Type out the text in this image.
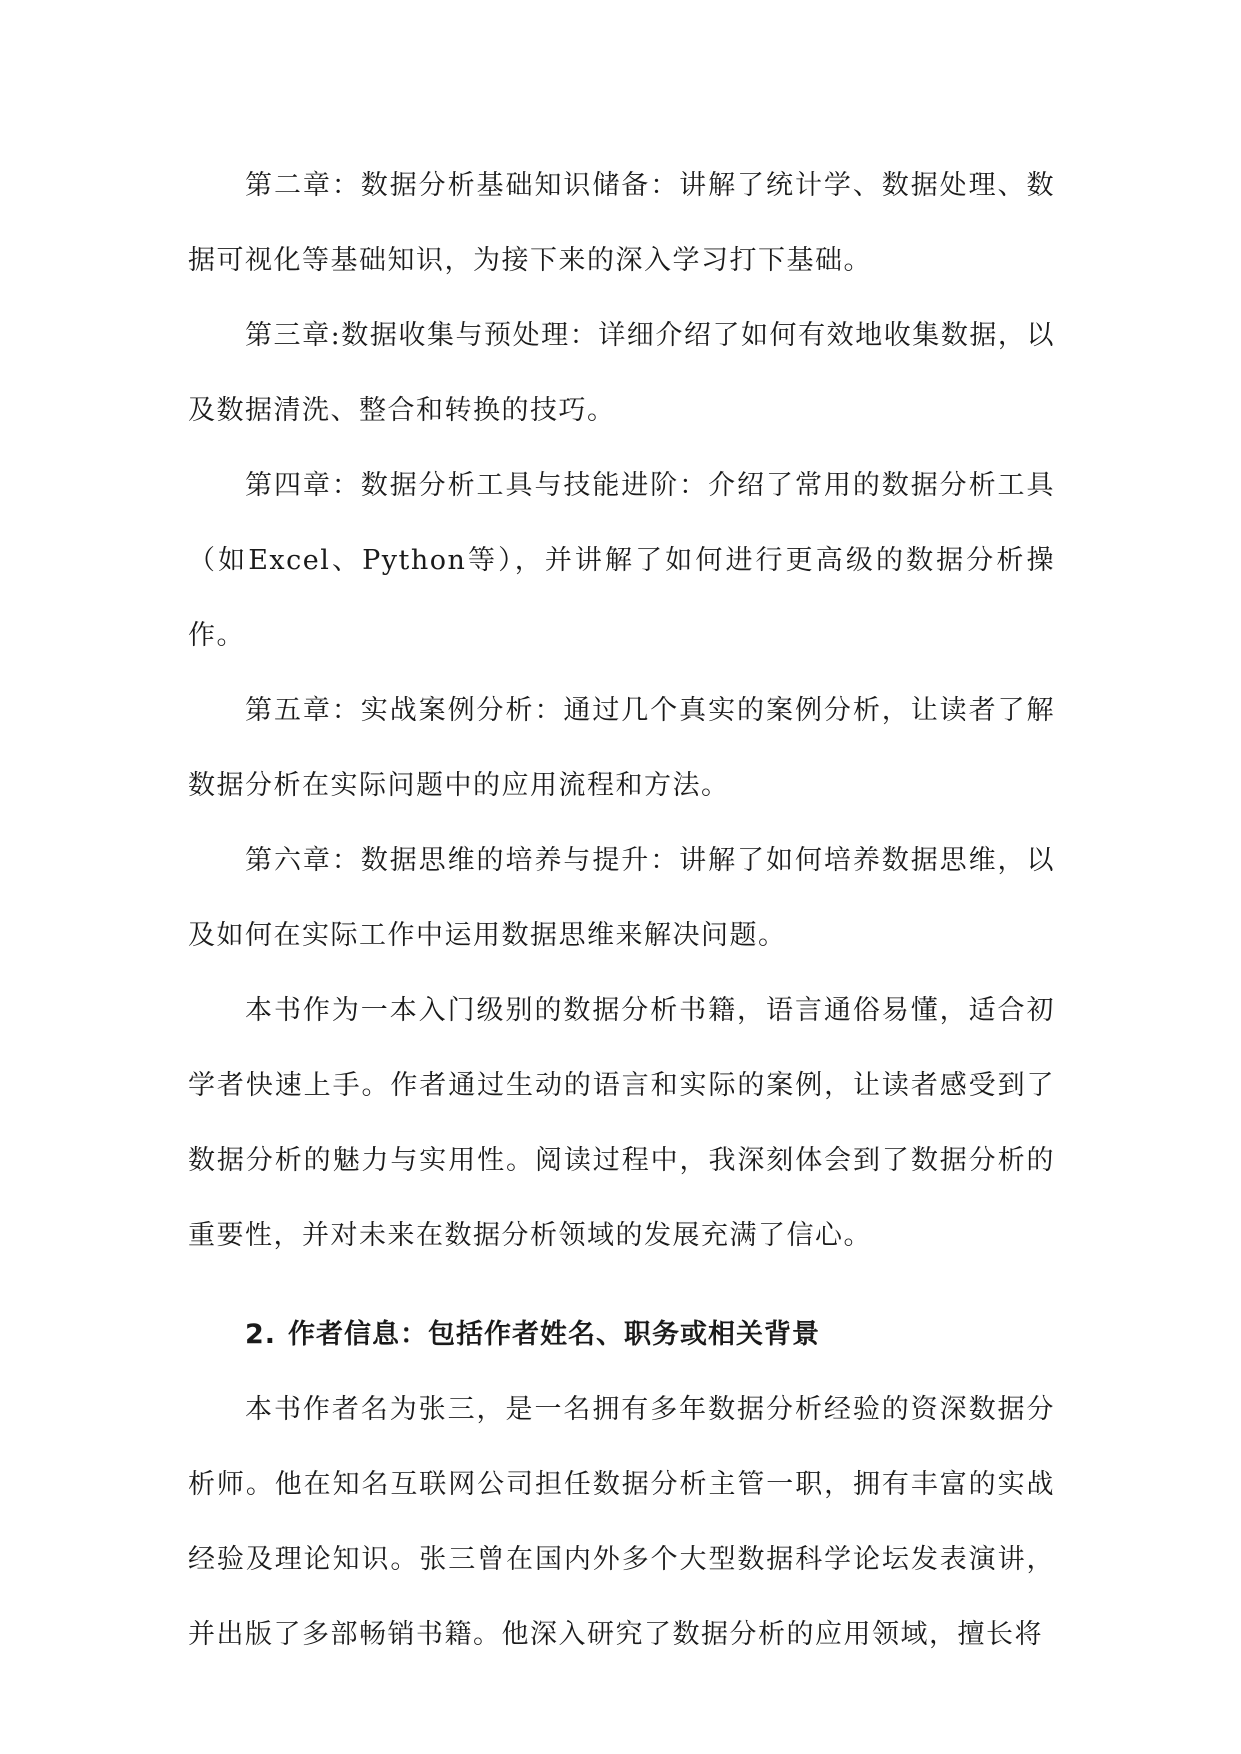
第二章：数据分析基础知识储备：讲解了统计学、数据处理、数据可视化等基础知识，为接下来的深入学习打下基础。

第三章:数据收集与预处理：详细介绍了如何有效地收集数据，以及数据清洗、整合和转换的技巧。

第四章：数据分析工具与技能进阶：介绍了常用的数据分析工具（如Excel、Python等），并讲解了如何进行更高级的数据分析操作。

第五章：实战案例分析：通过几个真实的案例分析，让读者了解数据分析在实际问题中的应用流程和方法。

第六章：数据思维的培养与提升：讲解了如何培养数据思维，以及如何在实际工作中运用数据思维来解决问题。

本书作为一本入门级别的数据分析书籍，语言通俗易懂，适合初学者快速上手。作者通过生动的语言和实际的案例，让读者感受到了数据分析的魅力与实用性。阅读过程中，我深刻体会到了数据分析的重要性，并对未来在数据分析领域的发展充满了信心。

2. 作者信息：包括作者姓名、职务或相关背景

本书作者名为张三，是一名拥有多年数据分析经验的资深数据分析师。他在知名互联网公司担任数据分析主管一职，拥有丰富的实战经验及理论知识。张三曾在国内外多个大型数据科学论坛发表演讲，并出版了多部畅销书籍。他深入研究了数据分析的应用领域，擅长将
